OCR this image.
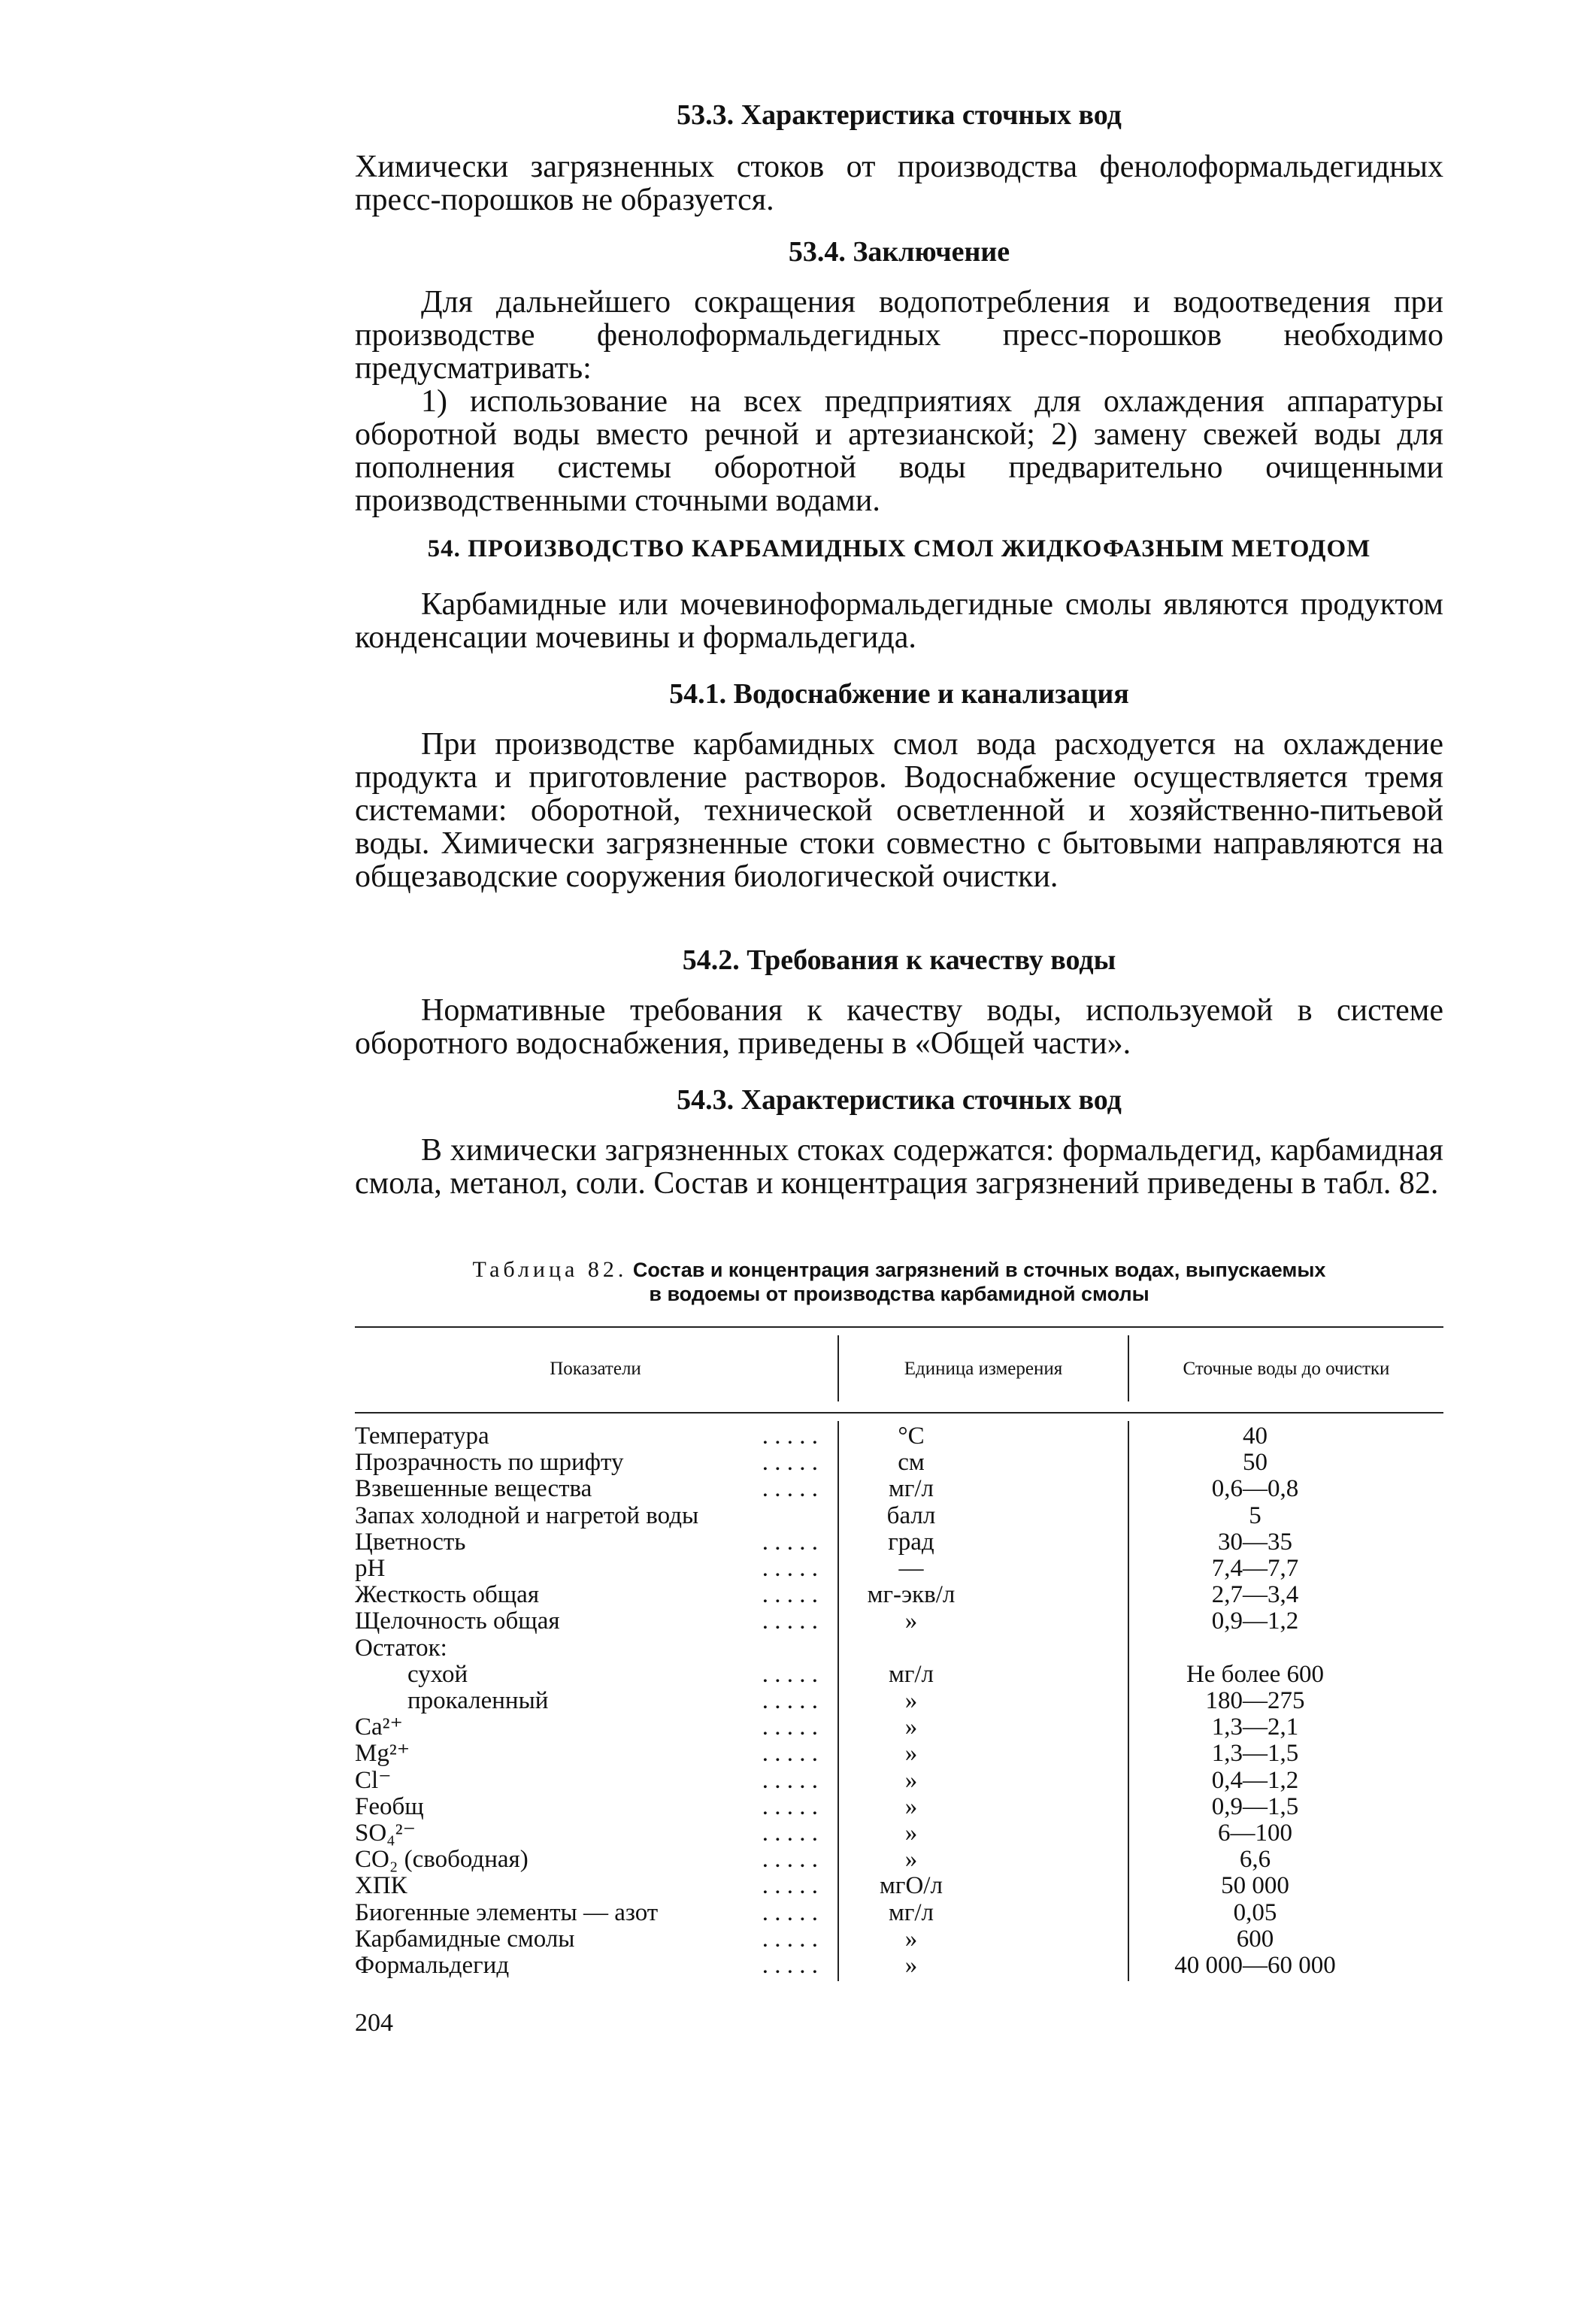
53.3. Характеристика сточных вод

Химически загрязненных стоков от производства фенолоформальдегидных пресс-порошков не образуется.

53.4. Заключение

Для дальнейшего сокращения водопотребления и водоотведения при производстве фенолоформальдегидных пресс-порошков необходимо предусматривать:

1) использование на всех предприятиях для охлаждения аппаратуры оборотной воды вместо речной и артезианской; 2) замену свежей воды для пополнения системы оборотной воды предварительно очищенными производственными сточными водами.

54. ПРОИЗВОДСТВО КАРБАМИДНЫХ СМОЛ ЖИДКОФАЗНЫМ МЕТОДОМ

Карбамидные или мочевиноформальдегидные смолы являются продуктом конденсации мочевины и формальдегида.

54.1. Водоснабжение и канализация

При производстве карбамидных смол вода расходуется на охлаждение продукта и приготовление растворов. Водоснабжение осуществляется тремя системами: оборотной, технической осветленной и хозяйственно-питьевой воды. Химически загрязненные стоки совместно с бытовыми направляются на общезаводские сооружения биологической очистки.

54.2. Требования к качеству воды

Нормативные требования к качеству воды, используемой в системе оборотного водоснабжения, приведены в «Общей части».

54.3. Характеристика сточных вод

В химически загрязненных стоках содержатся: формальдегид, карбамидная смола, метанол, соли. Состав и концентрация загрязнений приведены в табл. 82.

Таблица 82. Состав и концентрация загрязнений в сточных водах, выпускаемых
в водоемы от производства карбамидной смолы
Показатели	Единица измерения	Сточные воды до очистки
Температура	. . . . .	°С	40
Прозрачность по шрифту	. . . . .	см	50
Взвешенные вещества	. . . . .	мг/л	0,6—0,8
Запах холодной и нагретой воды	балл	5
Цветность	. . . . .	град	30—35
pH	. . . . .	—	7,4—7,7
Жесткость общая	. . . . .	мг-экв/л	2,7—3,4
Щелочность общая	. . . . .	»	0,9—1,2
Остаток:
сухой	. . . . .	мг/л	Не более 600
прокаленный	. . . . .	»	180—275
Ca²⁺	. . . . .	»	1,3—2,1
Mg²⁺	. . . . .	»	1,3—1,5
Cl⁻	. . . . .	»	0,4—1,2
Feобщ	. . . . .	»	0,9—1,5
SO₄²⁻	. . . . .	»	6—100
CO₂ (свободная)	. . . . .	»	6,6
ХПК	. . . . .	мгО/л	50 000
Биогенные элементы — азот	. . . . .	мг/л	0,05
Карбамидные смолы	. . . . .	»	600
Формальдегид	. . . . .	»	40 000—60 000
204
